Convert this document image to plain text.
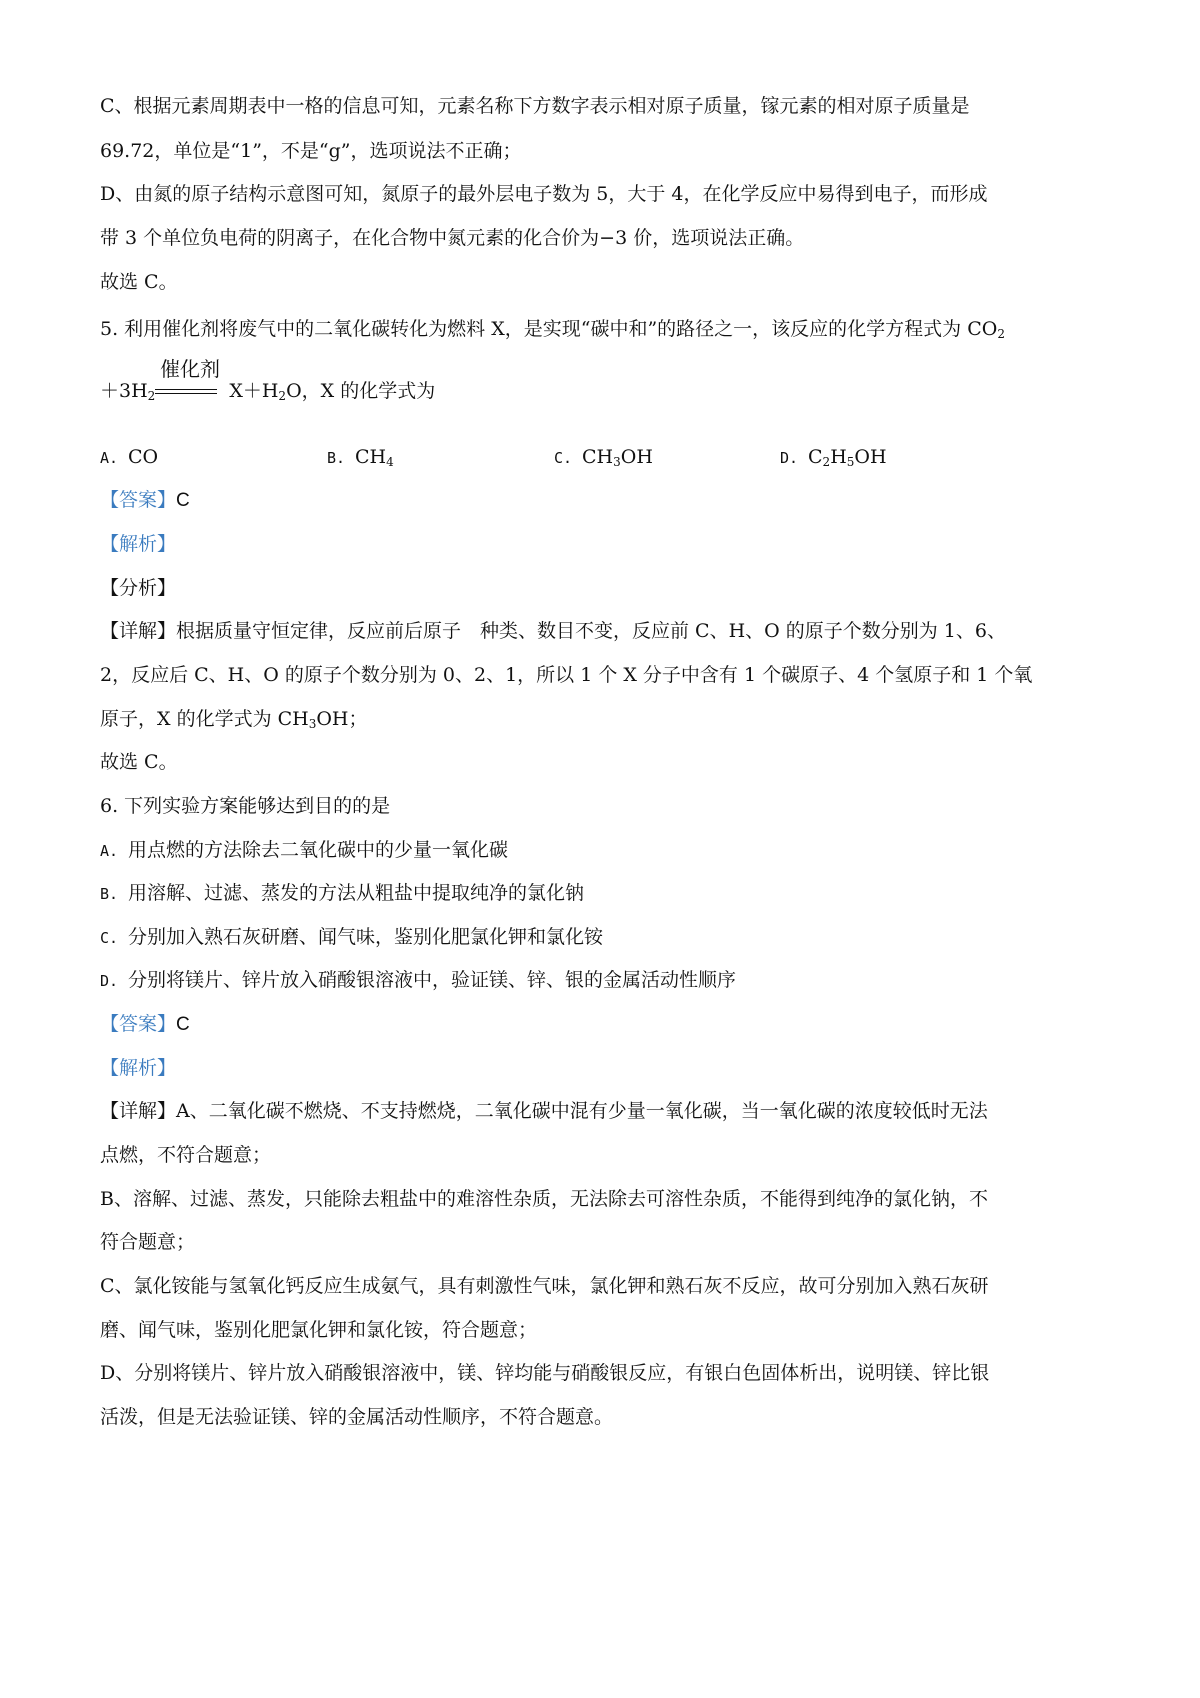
C、根据元素周期表中一格的信息可知，元素名称下方数字表示相对原子质量，镓元素的相对原子质量是
69.72，单位是“1”，不是“g”，选项说法不正确；
D、由氮的原子结构示意图可知，氮原子的最外层电子数为 5，大于 4，在化学反应中易得到电子，而形成
带 3 个单位负电荷的阴离子，在化合物中氮元素的化合价为−3 价，选项说法正确。
故选 C。
5. 利用催化剂将废气中的二氧化碳转化为燃料 X，是实现“碳中和”的路径之一，该反应的化学方程式为 $CO_2$
催化剂
$+3H_2$	$X+H_2O$，X 的化学式为
A. CO	B. $CH_4$	C. $CH_3OH$	D. $C_2H_5OH$
【答案】C
【解析】
【分析】
【详解】根据质量守恒定律，反应前后原子　种类、数目不变，反应前 C、H、O 的原子个数分别为 1、6、
2，反应后 C、H、O 的原子个数分别为 0、2、1，所以 1 个 X 分子中含有 1 个碳原子、4 个氢原子和 1 个氧
原子，X 的化学式为 $CH_3OH$；
故选 C。
6. 下列实验方案能够达到目的的是
A. 用点燃的方法除去二氧化碳中的少量一氧化碳
B. 用溶解、过滤、蒸发的方法从粗盐中提取纯净的氯化钠
C. 分别加入熟石灰研磨、闻气味，鉴别化肥氯化钾和氯化铵
D. 分别将镁片、锌片放入硝酸银溶液中，验证镁、锌、银的金属活动性顺序
【答案】C
【解析】
【详解】A、二氧化碳不燃烧、不支持燃烧，二氧化碳中混有少量一氧化碳，当一氧化碳的浓度较低时无法
点燃，不符合题意；
B、溶解、过滤、蒸发，只能除去粗盐中的难溶性杂质，无法除去可溶性杂质，不能得到纯净的氯化钠，不
符合题意；
C、氯化铵能与氢氧化钙反应生成氨气，具有刺激性气味，氯化钾和熟石灰不反应，故可分别加入熟石灰研
磨、闻气味，鉴别化肥氯化钾和氯化铵，符合题意；
D、分别将镁片、锌片放入硝酸银溶液中，镁、锌均能与硝酸银反应，有银白色固体析出，说明镁、锌比银
活泼，但是无法验证镁、锌的金属活动性顺序，不符合题意。
